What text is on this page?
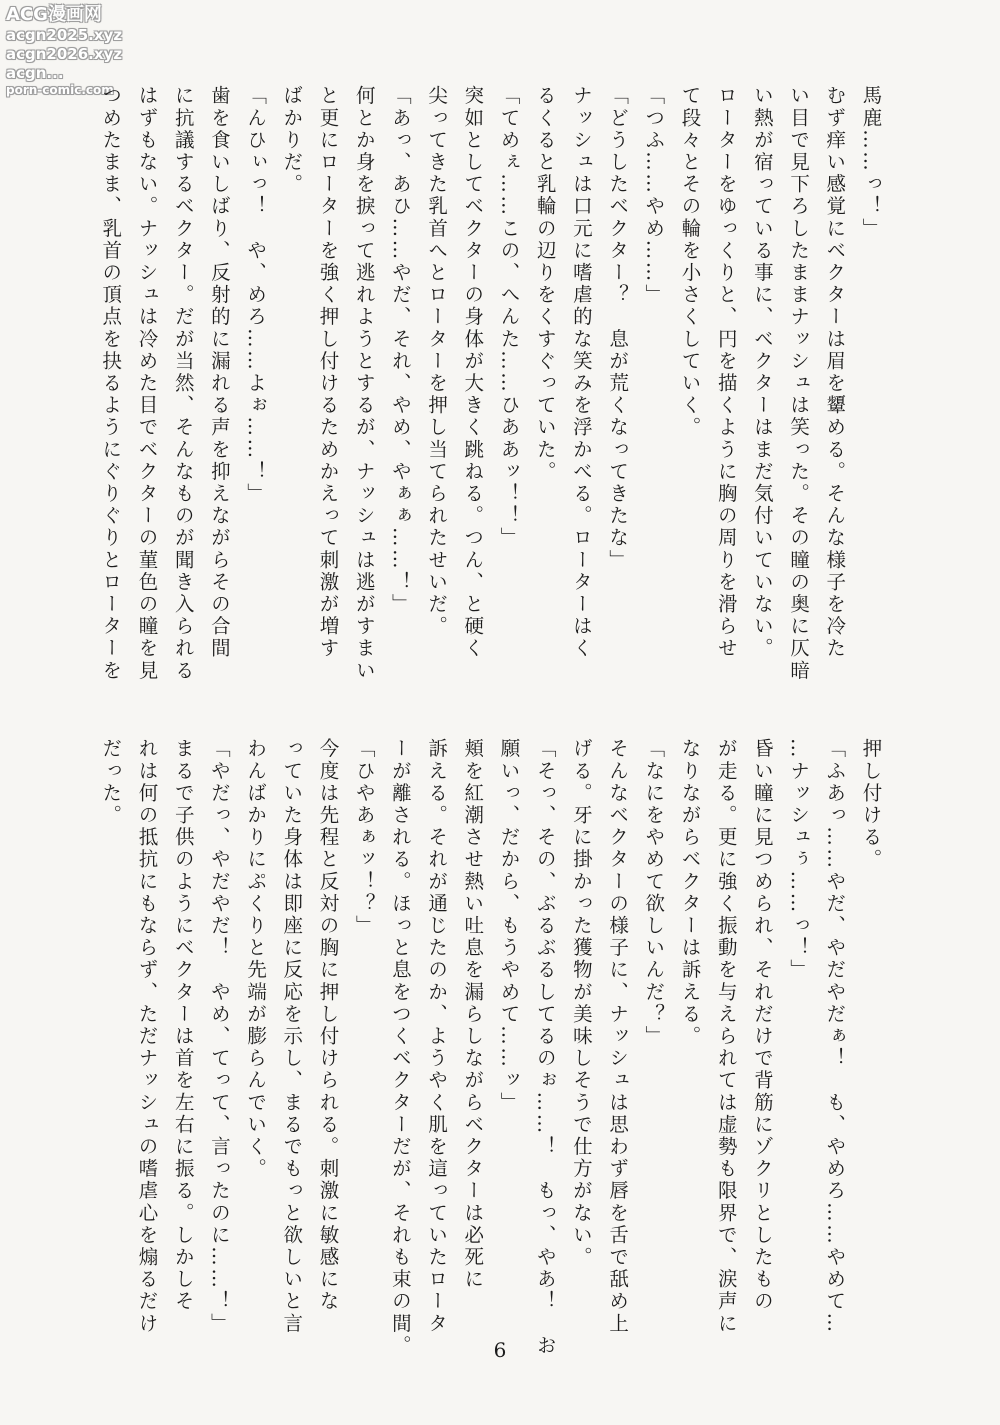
ACG漫画网
acgn2025.xyz
acgn2026.xyz
acgn...
porn-comic.com	馬鹿……っ！」
むず痒い感覚にベクターは眉を顰める。そんな様子を冷た
い目で見下ろしたままナッシュは笑った。その瞳の奥に仄暗
い熱が宿っている事に、ベクターはまだ気付いていない。
ローターをゆっくりと、円を描くように胸の周りを滑らせ
て段々とその輪を小さくしていく。
「つふ……やめ……」
「どうしたベクター？　息が荒くなってきたな」
ナッシュは口元に嗜虐的な笑みを浮かべる。ローターはく
るくると乳輪の辺りをくすぐっていた。
「てめぇ……この、へんた……ひああッ！！」
突如としてベクターの身体が大きく跳ねる。つん、と硬く
尖ってきた乳首へとローターを押し当てられたせいだ。
「あっ、あひ……やだ、それ、やめ、やぁぁ……！」
何とか身を捩って逃れようとするが、ナッシュは逃がすまい
と更にローターを強く押し付けるためかえって刺激が増す
ばかりだ。
「んひぃっ！　や、めろ……よぉ……！」
歯を食いしばり、反射的に漏れる声を抑えながらその合間
に抗議するベクター。だが当然、そんなものが聞き入られる
はずもない。ナッシュは冷めた目でベクターの菫色の瞳を見
つめたまま、乳首の頂点を抉るようにぐりぐりとローターを
押し付ける。
「ふあっ……やだ、やだやだぁ！　も、やめろ……やめて…
…ナッシュぅ……っ！」
昏い瞳に見つめられ、それだけで背筋にゾクリとしたもの
が走る。更に強く振動を与えられては虚勢も限界で、涙声に
なりながらベクターは訴える。
「なにをやめて欲しいんだ？」
そんなベクターの様子に、ナッシュは思わず唇を舌で舐め上
げる。牙に掛かった獲物が美味しそうで仕方がない。
「そっ、その、ぶるぶるしてるのぉ……！　もっ、やあ！　お
願いっ、だから、もうやめて……ッ」
頬を紅潮させ熱い吐息を漏らしながらベクターは必死に
訴える。それが通じたのか、ようやく肌を這っていたロータ
ーが離される。ほっと息をつくベクターだが、それも束の間。
「ひやあぁッ！？」
今度は先程と反対の胸に押し付けられる。刺激に敏感にな
っていた身体は即座に反応を示し、まるでもっと欲しいと言
わんばかりにぷくりと先端が膨らんでいく。
「やだっ、やだやだ！　やめ、てって、言ったのに……！」
まるで子供のようにベクターは首を左右に振る。しかしそ
れは何の抵抗にもならず、ただナッシュの嗜虐心を煽るだけ
だった。
6
